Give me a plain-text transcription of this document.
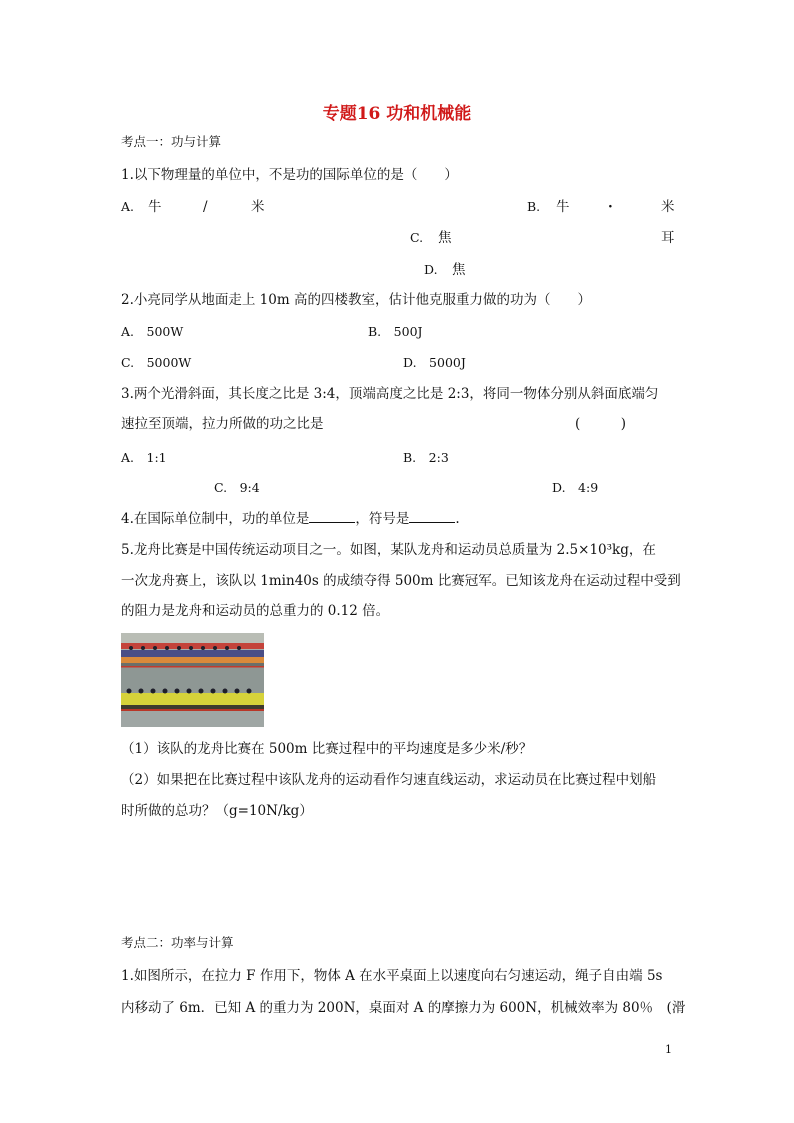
专题16 功和机械能
考点一：功与计算
1.以下物理量的单位中，不是功的国际单位的是（　　）
A. 牛	/	米	B. 牛	·	米
C. 焦	耳
D. 焦
2.小亮同学从地面走上 10m 高的四楼教室，估计他克服重力做的功为（　　）
A.　500W	B.　500J
C.　5000W	D.　5000J
3.两个光滑斜面，其长度之比是 3:4，顶端高度之比是 2:3，将同一物体分别从斜面底端匀
速拉至顶端，拉力所做的功之比是	(　　　)
A.　1:1	B.　2:3
C.　9:4	D.　4:9
4.在国际单位制中，功的单位是	，符号是	.
5.龙舟比赛是中国传统运动项目之一。如图，某队龙舟和运动员总质量为 2.5×10³kg，在
一次龙舟赛上，该队以 1min40s 的成绩夺得 500m 比赛冠军。已知该龙舟在运动过程中受到
的阻力是龙舟和运动员的总重力的 0.12 倍。
（1）该队的龙舟比赛在 500m 比赛过程中的平均速度是多少米/秒？
（2）如果把在比赛过程中该队龙舟的运动看作匀速直线运动，求运动员在比赛过程中划船
时所做的总功？（g=10N/kg）
考点二：功率与计算
1.如图所示，在拉力 F 作用下，物体 A 在水平桌面上以速度向右匀速运动，绳子自由端 5s
内移动了 6m．已知 A 的重力为 200N，桌面对 A 的摩擦力为 600N，机械效率为 80％　(滑
1
